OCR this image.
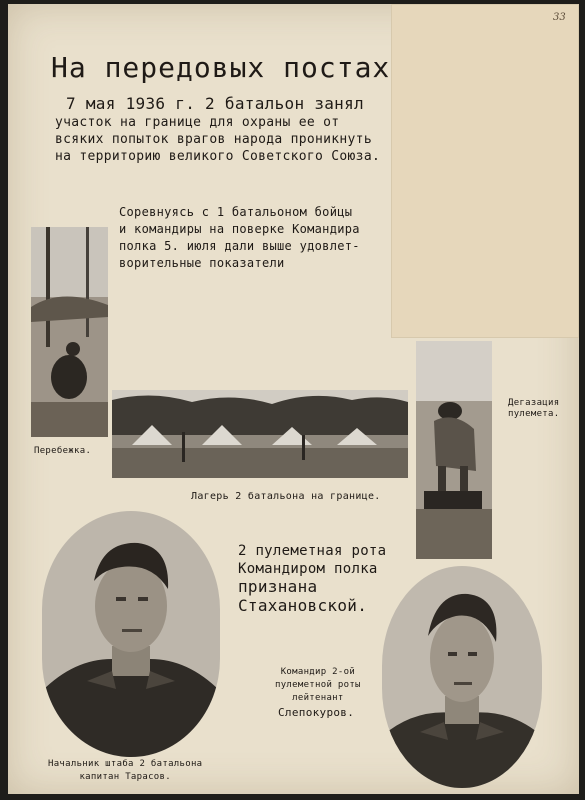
33
На передовых постах
7 мая 1936 г. 2 батальон занял
участок на границе для охраны ее от
всяких попыток врагов народа проникнуть
на территорию великого Советского Союза.
Соревнуясь с 1 батальоном бойцы
и командиры на поверке Командира
полка 5. июля дали выше удовлет-
ворительные показатели
Перебежка.
Лагерь 2 батальона на границе.
Дегазация
пулемета.
2 пулеметная рота
Командиром полка
признана
Стахановской.
Начальник штаба 2 батальона
капитан Тарасов.
Командир 2-ой
пулеметной роты
лейтенант
Слепокуров.
